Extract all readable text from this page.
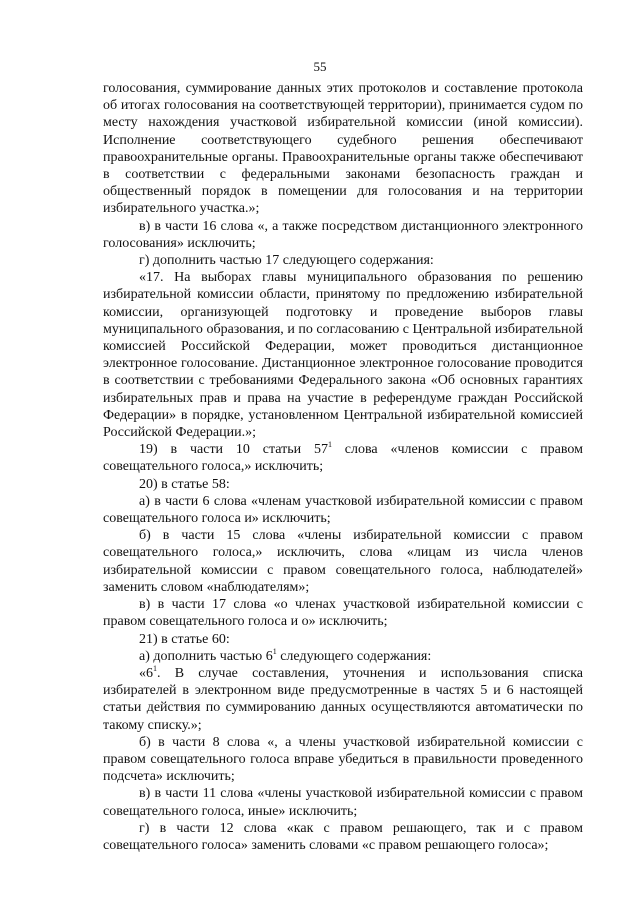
55

голосования, суммирование данных этих протоколов и составление протокола об итогах голосования на соответствующей территории), принимается судом по месту нахождения участковой избирательной комиссии (иной комиссии). Исполнение соответствующего судебного решения обеспечивают правоохранительные органы. Правоохранительные органы также обеспечивают в соответствии с федеральными законами безопасность граждан и общественный порядок в помещении для голосования и на территории избирательного участка.»;

в) в части 16 слова «, а также посредством дистанционного электронного голосования» исключить;

г) дополнить частью 17 следующего содержания:

«17. На выборах главы муниципального образования по решению избирательной комиссии области, принятому по предложению избирательной комиссии, организующей подготовку и проведение выборов главы муниципального образования, и по согласованию с Центральной избирательной комиссией Российской Федерации, может проводиться дистанционное электронное голосование. Дистанционное электронное голосование проводится в соответствии с требованиями Федерального закона «Об основных гарантиях избирательных прав и права на участие в референдуме граждан Российской Федерации» в порядке, установленном Центральной избирательной комиссией Российской Федерации.»;

19) в части 10 статьи $57^1$ слова «членов комиссии с правом совещательного голоса,» исключить;

20) в статье 58:

а) в части 6 слова «членам участковой избирательной комиссии с правом совещательного голоса и» исключить;

б) в части 15 слова «члены избирательной комиссии с правом совещательного голоса,» исключить, слова «лицам из числа членов избирательной комиссии с правом совещательного голоса, наблюдателей» заменить словом «наблюдателям»;

в) в части 17 слова «о членах участковой избирательной комиссии с правом совещательного голоса и о» исключить;

21) в статье 60:

а) дополнить частью $6^1$ следующего содержания:

«$6^1$. В случае составления, уточнения и использования списка избирателей в электронном виде предусмотренные в частях 5 и 6 настоящей статьи действия по суммированию данных осуществляются автоматически по такому списку.»;

б) в части 8 слова «, а члены участковой избирательной комиссии с правом совещательного голоса вправе убедиться в правильности проведенного подсчета» исключить;

в) в части 11 слова «члены участковой избирательной комиссии с правом совещательного голоса, иные» исключить;

г) в части 12 слова «как с правом решающего, так и с правом совещательного голоса» заменить словами «с правом решающего голоса»;
